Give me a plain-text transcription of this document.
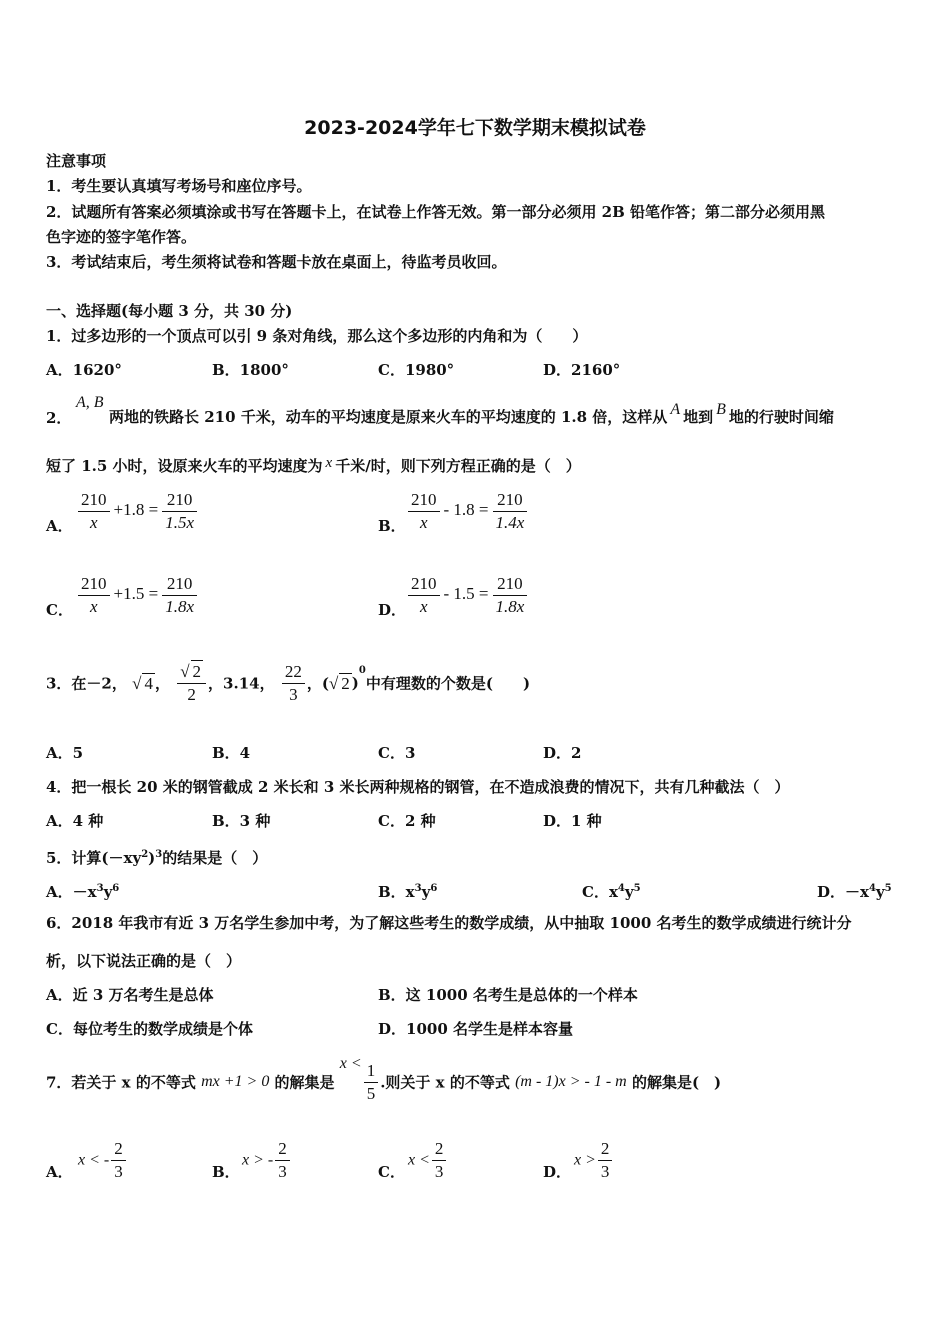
2023-2024学年七下数学期末模拟试卷
注意事项
1．考生要认真填写考场号和座位序号。
2．试题所有答案必须填涂或书写在答题卡上，在试卷上作答无效。第一部分必须用 2B 铅笔作答；第二部分必须用黑
色字迹的签字笔作答。
3．考试结束后，考生须将试卷和答题卡放在桌面上，待监考员收回。
一、选择题(每小题 3 分，共 30 分)
1．过多边形的一个顶点可以引 9 条对角线，那么这个多边形的内角和为（　　）
A．1620°	B．1800°	C．1980°	D．2160°
2．
A, B
两地的铁路长 210 千米，动车的平均速度是原来火车的平均速度的 1.8 倍，这样从 A 地到 B 地的行驶时间缩
短了 1.5 小时，设原来火车的平均速度为 x 千米/时，则下列方程正确的是（　）
A． $\frac{210}{x} +1.8 = \frac{210}{1.5x}$	B． $\frac{210}{x} - 1.8 = \frac{210}{1.4x}$
C． $\frac{210}{x} +1.5 = \frac{210}{1.8x}$	D． $\frac{210}{x} - 1.5 = \frac{210}{1.8x}$
3．在－2， √ 4 ， $\frac{√ 2}{2}$ ，3.14， $\frac{22}{3}$ ，(√ 2 )$^0$中有理数的个数是(　　)
A．5	B．4	C．3	D．2
4．把一根长 20 米的钢管截成 2 米长和 3 米长两种规格的钢管，在不造成浪费的情况下，共有几种截法（　）
A．4 种	B．3 种	C．2 种	D．1 种
5．计算$(-xy^2)^3$的结果是（　）
A．$-x^3y^6$	B．$x^3y^6$	C．$x^4y^5$	D．$-x^4y^5$
6．2018 年我市有近 3 万名学生参加中考，为了解这些考生的数学成绩，从中抽取 1000 名考生的数学成绩进行统计分
析，以下说法正确的是（　）
A．近 3 万名考生是总体	B．这 1000 名考生是总体的一个样本
C．每位考生的数学成绩是个体	D．1000 名学生是样本容量
7．若关于 x 的不等式 mx +1 > 0 的解集是 $x < \frac{1}{5}$ .则关于 x 的不等式 (m - 1)x > - 1 - m 的解集是(　)
A．
x < - $\frac{2}{3}$	B．
x > - $\frac{2}{3}$	C．
$x < \frac{2}{3}$	D．
$x > \frac{2}{3}$
